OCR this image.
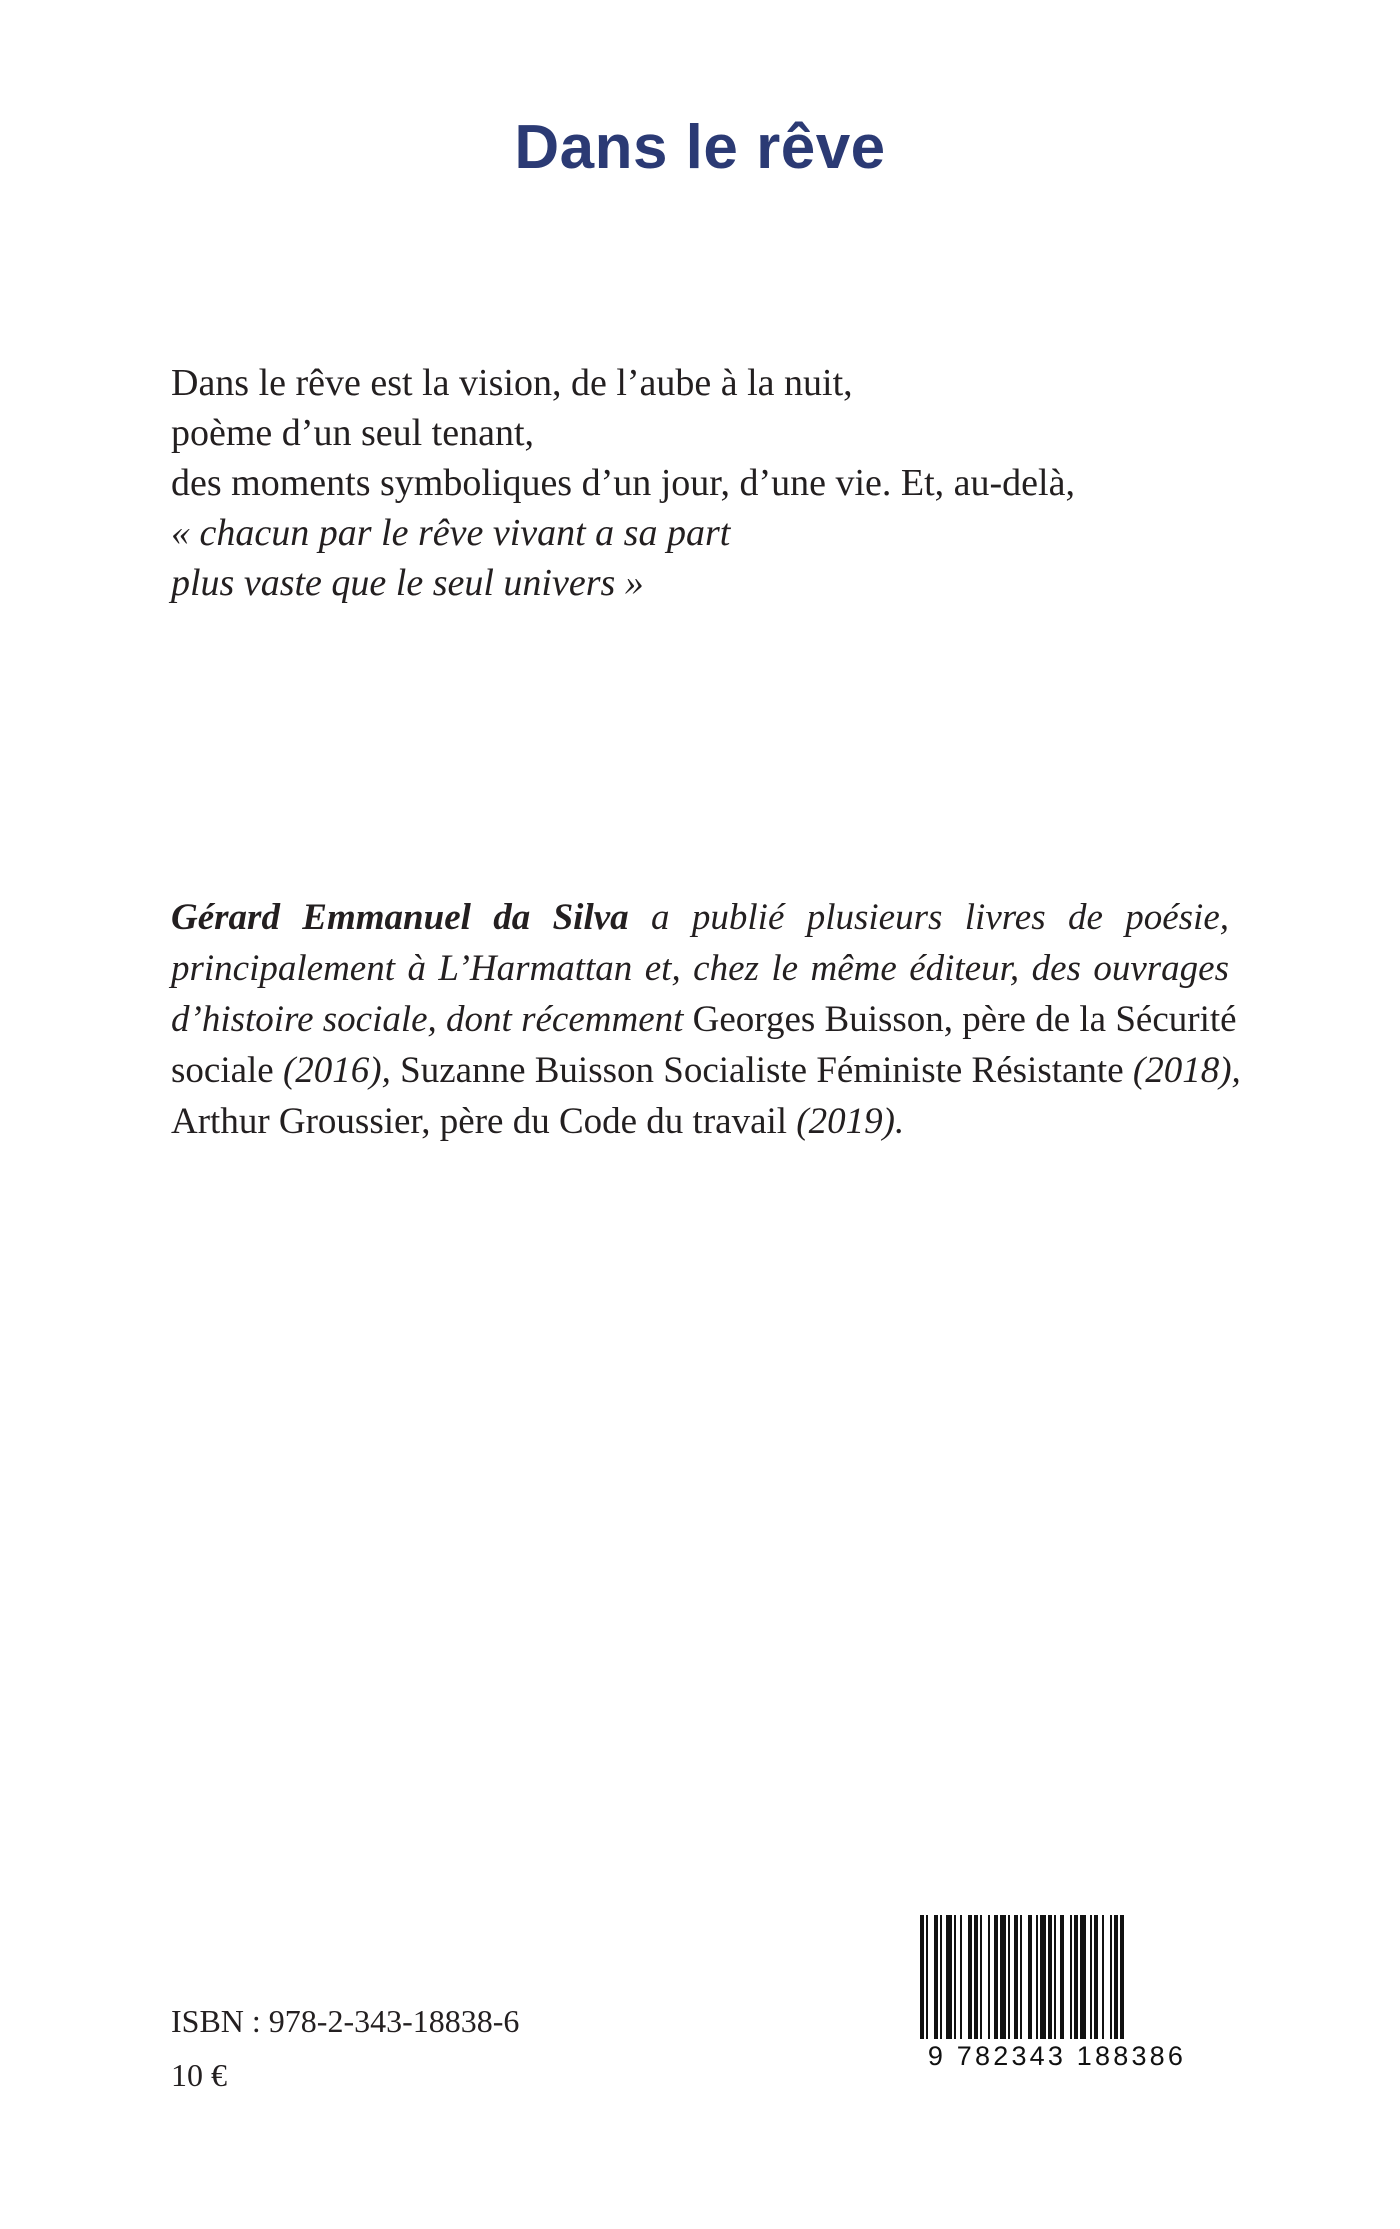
Dans le rêve
Dans le rêve est la vision, de l’aube à la nuit,
poème d’un seul tenant,
des moments symboliques d’un jour, d’une vie. Et, au-delà,
« chacun par le rêve vivant a sa part
plus vaste que le seul univers »
Gérard Emmanuel da Silva a publié plusieurs livres de poésie,
principalement à L’Harmattan et, chez le même éditeur, des ouvrages
d’histoire sociale, dont récemment Georges Buisson, père de la Sécurité
sociale (2016), Suzanne Buisson Socialiste Féministe Résistante (2018),
Arthur Groussier, père du Code du travail (2019).
9 782343 188386
ISBN : 978-2-343-18838-6
10 €
